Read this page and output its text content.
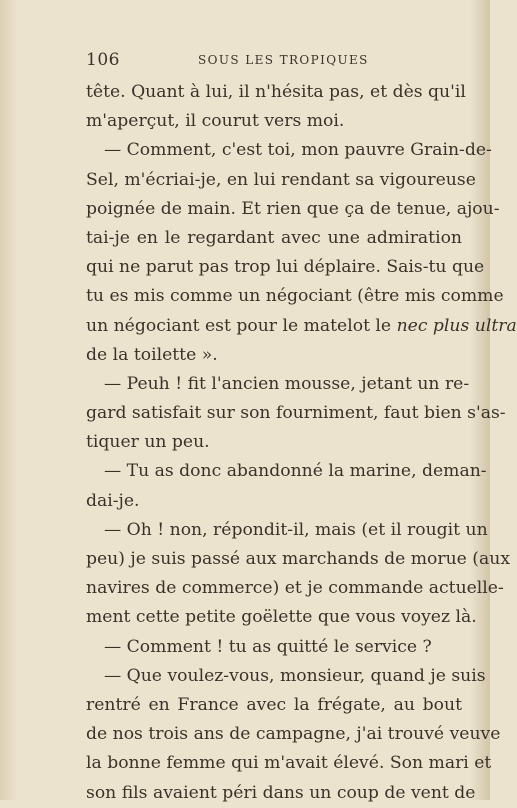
106	SOUS LES TROPIQUES
tête. Quant à lui, il n'hésita pas, et dès qu'il
m'aperçut, il courut vers moi.
— Comment, c'est toi, mon pauvre Grain-de-
Sel, m'écriai-je, en lui rendant sa vigoureuse
poignée de main. Et rien que ça de tenue, ajou-
tai-je en le regardant avec une admiration
qui ne parut pas trop lui déplaire. Sais-tu que
tu es mis comme un négociant (être mis comme
un négociant est pour le matelot le nec plus ultra
de la toilette ».
— Peuh ! fit l'ancien mousse, jetant un re-
gard satisfait sur son fourniment, faut bien s'as-
tiquer un peu.
— Tu as donc abandonné la marine, deman-
dai-je.
— Oh ! non, répondit-il, mais (et il rougit un
peu) je suis passé aux marchands de morue (aux
navires de commerce) et je commande actuelle-
ment cette petite goëlette que vous voyez là.
— Comment ! tu as quitté le service ?
— Que voulez-vous, monsieur, quand je suis
rentré en France avec la frégate, au bout
de nos trois ans de campagne, j'ai trouvé veuve
la bonne femme qui m'avait élevé. Son mari et
son fils avaient péri dans un coup de vent de
